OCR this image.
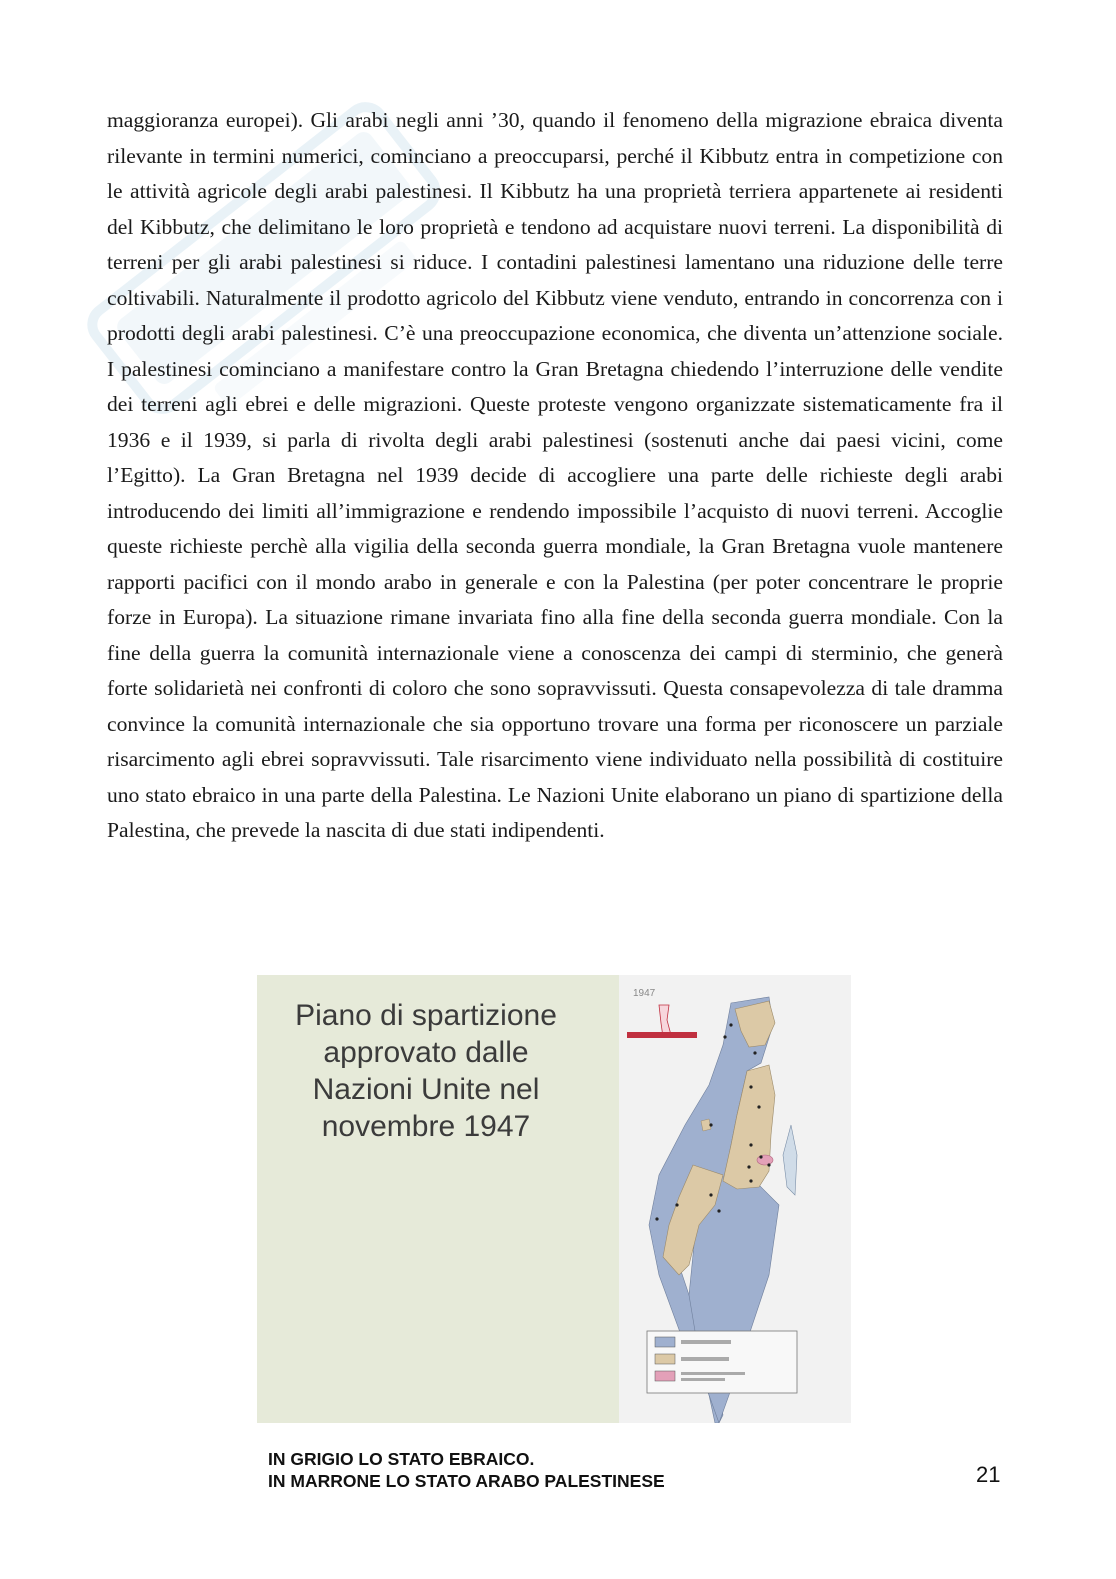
maggioranza europei). Gli arabi negli anni ’30, quando il fenomeno della migrazione ebraica diventa rilevante in termini numerici, cominciano a preoccuparsi, perché il Kibbutz entra in competizione con le attività agricole degli arabi palestinesi. Il Kibbutz ha una proprietà terriera appartenete ai residenti del Kibbutz, che delimitano le loro proprietà e tendono ad acquistare nuovi terreni. La disponibilità di terreni per gli arabi palestinesi si riduce. I contadini palestinesi lamentano una riduzione delle terre coltivabili. Naturalmente il prodotto agricolo del Kibbutz viene venduto, entrando in concorrenza con i prodotti degli arabi palestinesi. C’è una preoccupazione economica, che diventa un’attenzione sociale. I palestinesi cominciano a manifestare contro la Gran Bretagna chiedendo l’interruzione delle vendite dei terreni agli ebrei e delle migrazioni. Queste proteste vengono organizzate sistematicamente fra il 1936 e il 1939, si parla di rivolta degli arabi palestinesi (sostenuti anche dai paesi vicini, come l’Egitto). La Gran Bretagna nel 1939 decide di accogliere una parte delle richieste degli arabi introducendo dei limiti all’immigrazione e rendendo impossibile l’acquisto di nuovi terreni. Accoglie queste richieste perchè alla vigilia della seconda guerra mondiale, la Gran Bretagna vuole mantenere rapporti pacifici con il mondo arabo in generale e con la Palestina (per poter concentrare le proprie forze in Europa). La situazione rimane invariata fino alla fine della seconda guerra mondiale. Con la fine della guerra la comunità internazionale viene a conoscenza dei campi di sterminio, che generà forte solidarietà nei confronti di coloro che sono sopravvissuti. Questa consapevolezza di tale dramma convince la comunità internazionale che sia opportuno trovare una forma per riconoscere un parziale risarcimento agli ebrei sopravvissuti. Tale risarcimento viene individuato nella possibilità di costituire uno stato ebraico in una parte della Palestina. Le Nazioni Unite elaborano un piano di spartizione della Palestina, che prevede la nascita di due stati indipendenti.

Piano di spartizione
approvato dalle
Nazioni Unite nel
novembre 1947
1947
IN GRIGIO LO STATO EBRAICO.
IN MARRONE LO STATO ARABO PALESTINESE	21
